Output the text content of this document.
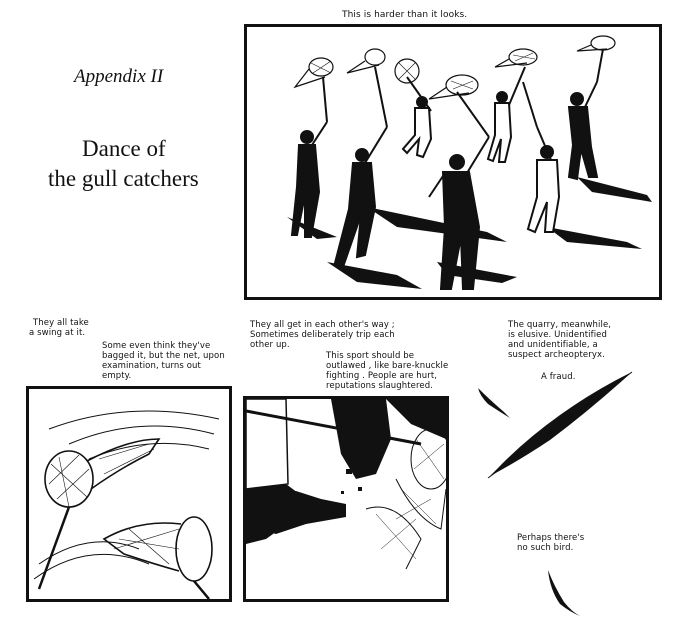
Appendix II
Dance of
the gull catchers
This is harder than it looks.
They all take
a swing at it.
Some even think they've
bagged it, but the net, upon
examination, turns out
empty.
They all get in each other's way ;
Sometimes deliberately trip each
other up.
This sport should be
outlawed , like bare-knuckle
fighting . People are hurt,
reputations slaughtered.
The quarry, meanwhile,
is elusive. Unidentified
and unidentifiable, a
suspect archeopteryx.
A fraud.
Perhaps there's
no such bird.
